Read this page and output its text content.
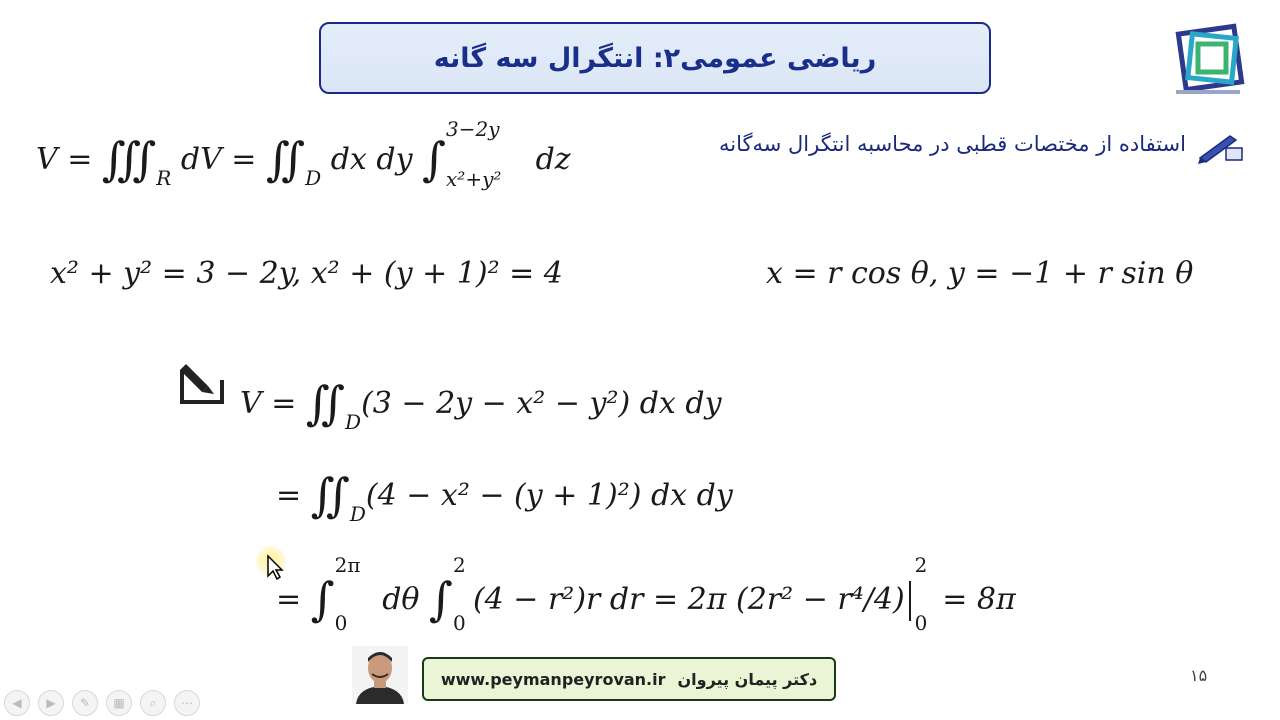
ریاضی عمومی۲: انتگرال سه گانه
استفاده از مختصات قطبی در محاسبه انتگرال سه‌گانه
$V = ∭_R$ dV = $∬_D$ dx dy ∫
3−2y
x²+y²
dz
x² + y² = 3 − 2y, x² + (y + 1)² = 4	x = r cos θ, y = −1 + r sin θ
$V = ∬_D(3 - 2y - x^2 - y^2)$ dx dy
= $∬_D(4 - x^2 - (y + 1)^2)$ dx dy
= ∫
2π
0
dθ ∫
2
0
(4 − r²)r dr = 2π (2r² − r⁴/4)
2
0
= 8π
www.peymanpeyrovan.ir دکتر پیمان پیروان	۱۵
◀	▶	✎	▦	⌕	⋯
